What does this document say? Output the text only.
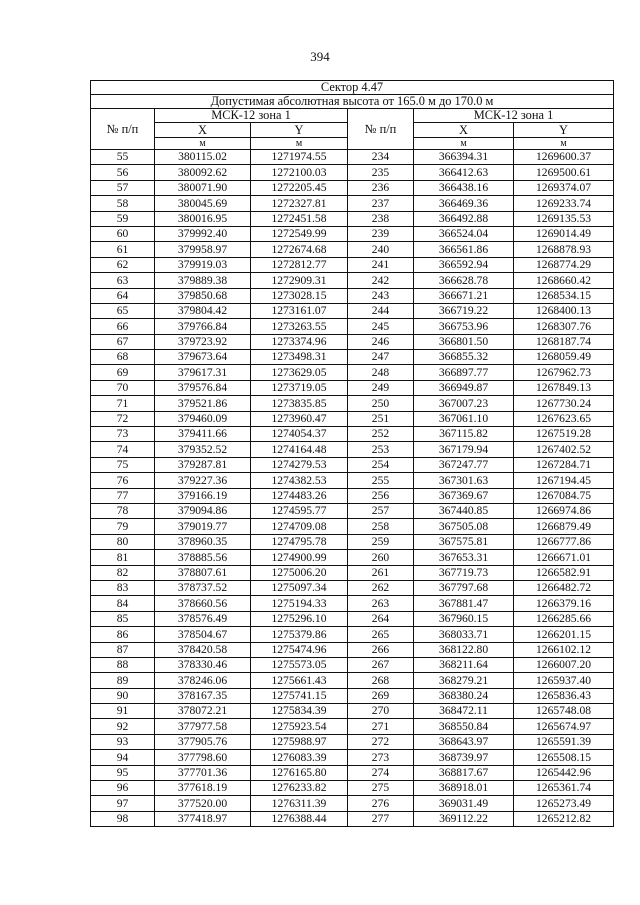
394
Сектор 4.47					
Допустимая абсолютная высота от 165.0 м до 170.0 м					
№ п/п	МСК-12 зона 1		№ п/п	МСК-12 зона 1	
	X	Y		X	Y
	м	м		м	м
55	380115.02	1271974.55	234	366394.31	1269600.37
56	380092.62	1272100.03	235	366412.63	1269500.61
57	380071.90	1272205.45	236	366438.16	1269374.07
58	380045.69	1272327.81	237	366469.36	1269233.74
59	380016.95	1272451.58	238	366492.88	1269135.53
60	379992.40	1272549.99	239	366524.04	1269014.49
61	379958.97	1272674.68	240	366561.86	1268878.93
62	379919.03	1272812.77	241	366592.94	1268774.29
63	379889.38	1272909.31	242	366628.78	1268660.42
64	379850.68	1273028.15	243	366671.21	1268534.15
65	379804.42	1273161.07	244	366719.22	1268400.13
66	379766.84	1273263.55	245	366753.96	1268307.76
67	379723.92	1273374.96	246	366801.50	1268187.74
68	379673.64	1273498.31	247	366855.32	1268059.49
69	379617.31	1273629.05	248	366897.77	1267962.73
70	379576.84	1273719.05	249	366949.87	1267849.13
71	379521.86	1273835.85	250	367007.23	1267730.24
72	379460.09	1273960.47	251	367061.10	1267623.65
73	379411.66	1274054.37	252	367115.82	1267519.28
74	379352.52	1274164.48	253	367179.94	1267402.52
75	379287.81	1274279.53	254	367247.77	1267284.71
76	379227.36	1274382.53	255	367301.63	1267194.45
77	379166.19	1274483.26	256	367369.67	1267084.75
78	379094.86	1274595.77	257	367440.85	1266974.86
79	379019.77	1274709.08	258	367505.08	1266879.49
80	378960.35	1274795.78	259	367575.81	1266777.86
81	378885.56	1274900.99	260	367653.31	1266671.01
82	378807.61	1275006.20	261	367719.73	1266582.91
83	378737.52	1275097.34	262	367797.68	1266482.72
84	378660.56	1275194.33	263	367881.47	1266379.16
85	378576.49	1275296.10	264	367960.15	1266285.66
86	378504.67	1275379.86	265	368033.71	1266201.15
87	378420.58	1275474.96	266	368122.80	1266102.12
88	378330.46	1275573.05	267	368211.64	1266007.20
89	378246.06	1275661.43	268	368279.21	1265937.40
90	378167.35	1275741.15	269	368380.24	1265836.43
91	378072.21	1275834.39	270	368472.11	1265748.08
92	377977.58	1275923.54	271	368550.84	1265674.97
93	377905.76	1275988.97	272	368643.97	1265591.39
94	377798.60	1276083.39	273	368739.97	1265508.15
95	377701.36	1276165.80	274	368817.67	1265442.96
96	377618.19	1276233.82	275	368918.01	1265361.74
97	377520.00	1276311.39	276	369031.49	1265273.49
98	377418.97	1276388.44	277	369112.22	1265212.82
